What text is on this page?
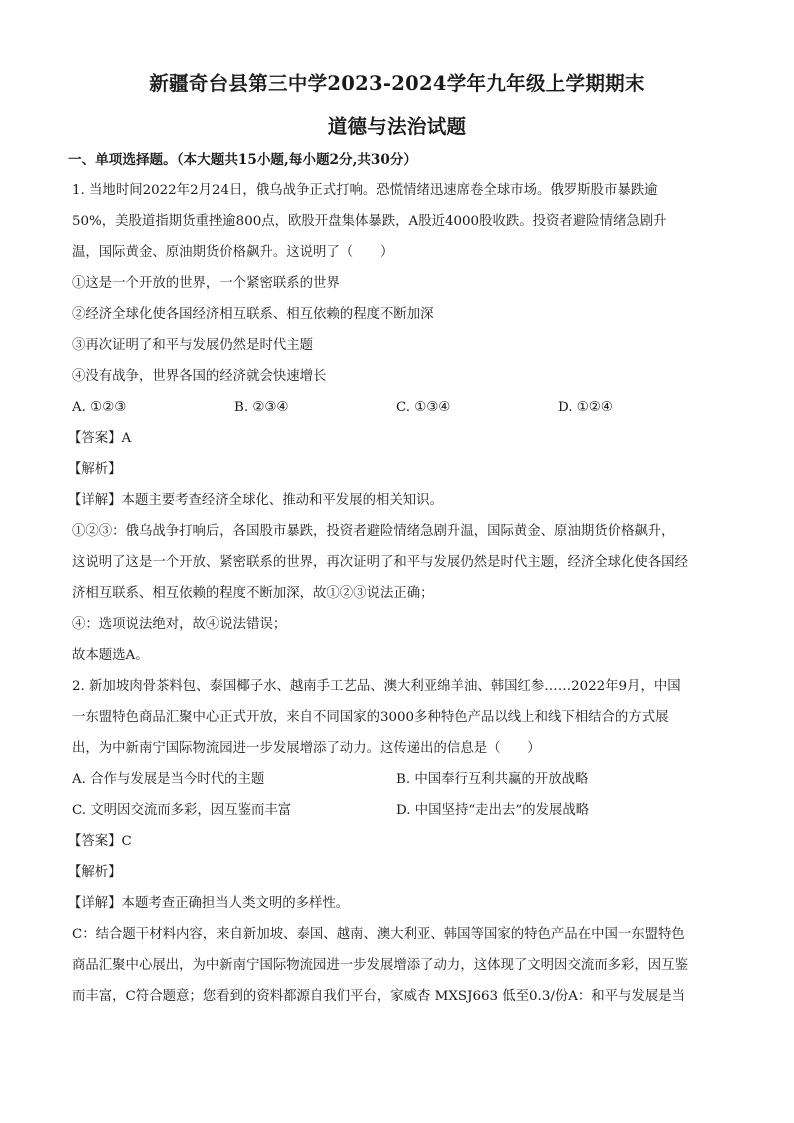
新疆奇台县第三中学2023-2024学年九年级上学期期末
道德与法治试题
一、单项选择题。（本大题共15小题,每小题2分,共30分）
1. 当地时间2022年2月24日，俄乌战争正式打响。恐慌情绪迅速席卷全球市场。俄罗斯股市暴跌逾
50%，美股道指期货重挫逾800点，欧股开盘集体暴跌，A股近4000股收跌。投资者避险情绪急剧升
温，国际黄金、原油期货价格飙升。这说明了（　　）
①这是一个开放的世界，一个紧密联系的世界
②经济全球化使各国经济相互联系、相互依赖的程度不断加深
③再次证明了和平与发展仍然是时代主题
④没有战争，世界各国的经济就会快速增长
A. ①②③	B. ②③④	C. ①③④	D. ①②④
【答案】A
【解析】
【详解】本题主要考查经济全球化、推动和平发展的相关知识。
①②③：俄乌战争打响后，各国股市暴跌，投资者避险情绪急剧升温，国际黄金、原油期货价格飙升，
这说明了这是一个开放、紧密联系的世界，再次证明了和平与发展仍然是时代主题，经济全球化使各国经
济相互联系、相互依赖的程度不断加深，故①②③说法正确；
④：选项说法绝对，故④说法错误；
故本题选A。
2. 新加坡肉骨茶料包、泰国椰子水、越南手工艺品、澳大利亚绵羊油、韩国红参……2022年9月，中国
一东盟特色商品汇聚中心正式开放，来自不同国家的3000多种特色产品以线上和线下相结合的方式展
出，为中新南宁国际物流园进一步发展增添了动力。这传递出的信息是（　　）
A. 合作与发展是当今时代的主题	B. 中国奉行互利共赢的开放战略
C. 文明因交流而多彩，因互鉴而丰富	D. 中国坚持“走出去”的发展战略
【答案】C
【解析】
【详解】本题考查正确担当人类文明的多样性。
C：结合题干材料内容，来自新加坡、泰国、越南、澳大利亚、韩国等国家的特色产品在中国一东盟特色
商品汇聚中心展出，为中新南宁国际物流园进一步发展增添了动力，这体现了文明因交流而多彩，因互鉴
而丰富，C符合题意；您看到的资料都源自我们平台，家威杏 MXSJ663 低至0.3/份A：和平与发展是当
